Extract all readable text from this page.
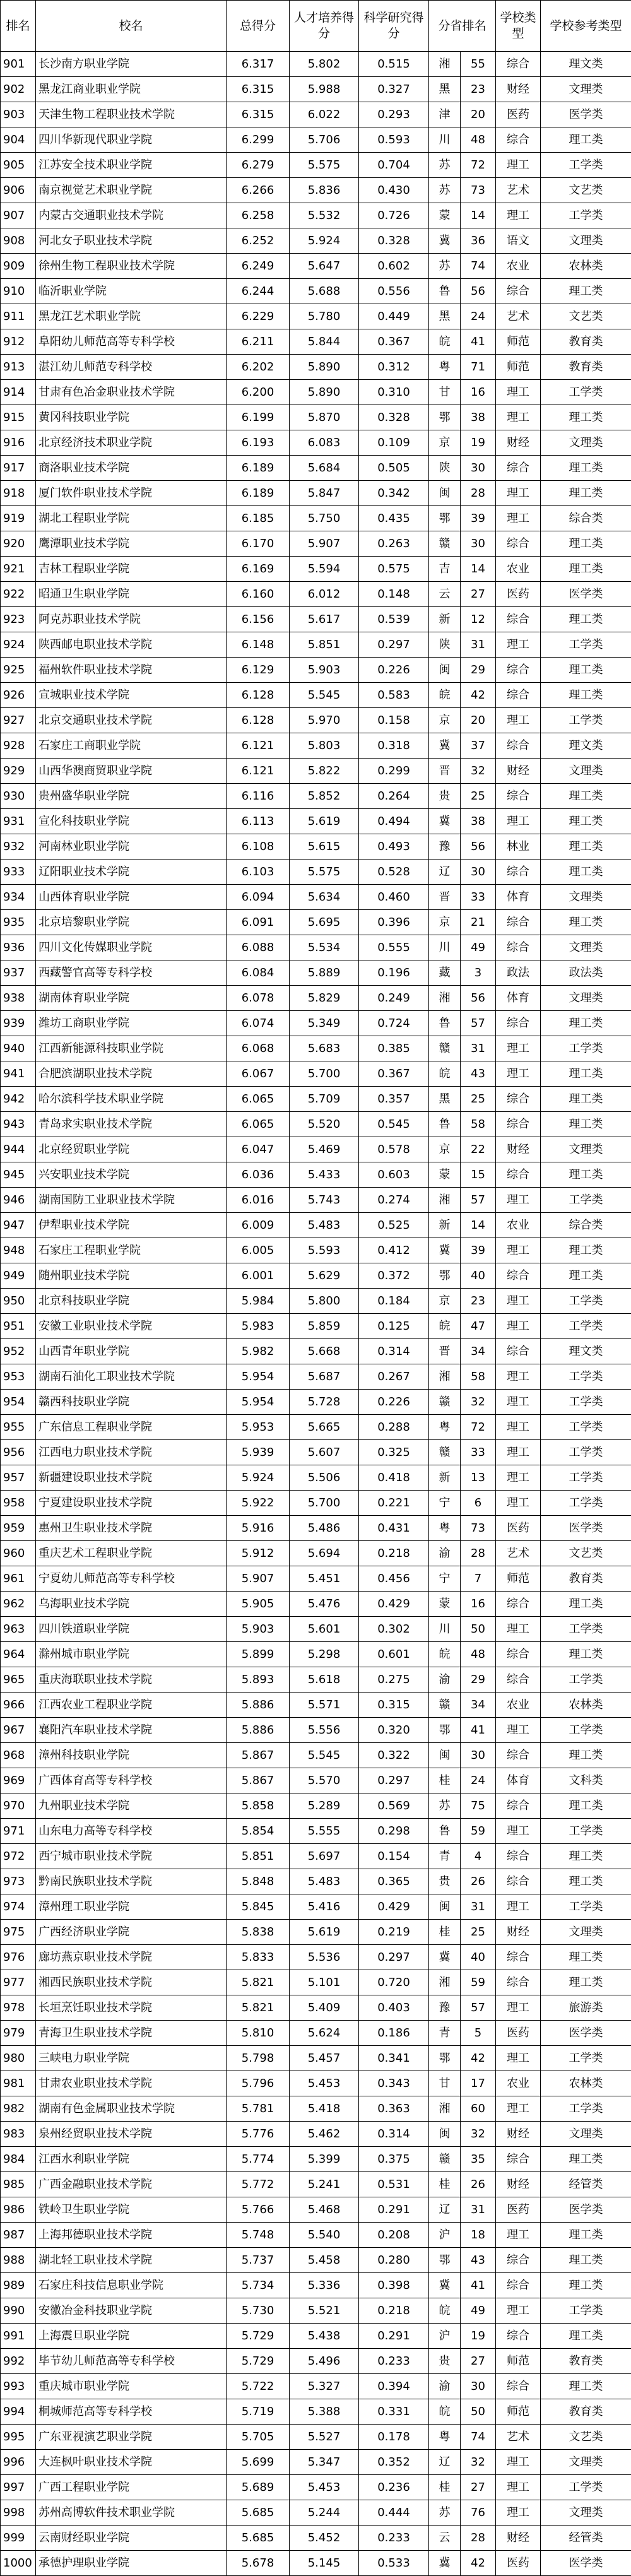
排名	校名	总得分	人才培养得分	科学研究得分	分省排名		学校类型	学校参考类型
901	长沙南方职业学院	6.317	5.802	0.515	湘	55	综合	理文类
902	黑龙江商业职业学院	6.315	5.988	0.327	黑	23	财经	文理类
903	天津生物工程职业技术学院	6.315	6.022	0.293	津	20	医药	医学类
904	四川华新现代职业学院	6.299	5.706	0.593	川	48	综合	理工类
905	江苏安全技术职业学院	6.279	5.575	0.704	苏	72	理工	工学类
906	南京视觉艺术职业学院	6.266	5.836	0.430	苏	73	艺术	文艺类
907	内蒙古交通职业技术学院	6.258	5.532	0.726	蒙	14	理工	工学类
908	河北女子职业技术学院	6.252	5.924	0.328	冀	36	语文	文理类
909	徐州生物工程职业技术学院	6.249	5.647	0.602	苏	74	农业	农林类
910	临沂职业学院	6.244	5.688	0.556	鲁	56	综合	理工类
911	黑龙江艺术职业学院	6.229	5.780	0.449	黑	24	艺术	文艺类
912	阜阳幼儿师范高等专科学校	6.211	5.844	0.367	皖	41	师范	教育类
913	湛江幼儿师范专科学校	6.202	5.890	0.312	粤	71	师范	教育类
914	甘肃有色冶金职业技术学院	6.200	5.890	0.310	甘	16	理工	工学类
915	黄冈科技职业学院	6.199	5.870	0.328	鄂	38	理工	理工类
916	北京经济技术职业学院	6.193	6.083	0.109	京	19	财经	文理类
917	商洛职业技术学院	6.189	5.684	0.505	陕	30	综合	理工类
918	厦门软件职业技术学院	6.189	5.847	0.342	闽	28	理工	理工类
919	湖北工程职业学院	6.185	5.750	0.435	鄂	39	理工	综合类
920	鹰潭职业技术学院	6.170	5.907	0.263	赣	30	综合	理工类
921	吉林工程职业学院	6.169	5.594	0.575	吉	14	农业	理工类
922	昭通卫生职业学院	6.160	6.012	0.148	云	27	医药	医学类
923	阿克苏职业技术学院	6.156	5.617	0.539	新	12	综合	理工类
924	陕西邮电职业技术学院	6.148	5.851	0.297	陕	31	理工	工学类
925	福州软件职业技术学院	6.129	5.903	0.226	闽	29	综合	理工类
926	宣城职业技术学院	6.128	5.545	0.583	皖	42	综合	理工类
927	北京交通职业技术学院	6.128	5.970	0.158	京	20	理工	工学类
928	石家庄工商职业学院	6.121	5.803	0.318	冀	37	综合	理文类
929	山西华澳商贸职业学院	6.121	5.822	0.299	晋	32	财经	文理类
930	贵州盛华职业学院	6.116	5.852	0.264	贵	25	综合	理工类
931	宣化科技职业学院	6.113	5.619	0.494	冀	38	理工	理工类
932	河南林业职业学院	6.108	5.615	0.493	豫	56	林业	理工类
933	辽阳职业技术学院	6.103	5.575	0.528	辽	30	综合	理工类
934	山西体育职业学院	6.094	5.634	0.460	晋	33	体育	文理类
935	北京培黎职业学院	6.091	5.695	0.396	京	21	综合	理工类
936	四川文化传媒职业学院	6.088	5.534	0.555	川	49	综合	文理类
937	西藏警官高等专科学校	6.084	5.889	0.196	藏	3	政法	政法类
938	湖南体育职业学院	6.078	5.829	0.249	湘	56	体育	文理类
939	潍坊工商职业学院	6.074	5.349	0.724	鲁	57	综合	理工类
940	江西新能源科技职业学院	6.068	5.683	0.385	赣	31	理工	工学类
941	合肥滨湖职业技术学院	6.067	5.700	0.367	皖	43	理工	理工类
942	哈尔滨科学技术职业学院	6.065	5.709	0.357	黑	25	综合	理工类
943	青岛求实职业技术学院	6.065	5.520	0.545	鲁	58	综合	理工类
944	北京经贸职业学院	6.047	5.469	0.578	京	22	财经	文理类
945	兴安职业技术学院	6.036	5.433	0.603	蒙	15	综合	理工类
946	湖南国防工业职业技术学院	6.016	5.743	0.274	湘	57	理工	工学类
947	伊犁职业技术学院	6.009	5.483	0.525	新	14	农业	综合类
948	石家庄工程职业学院	6.005	5.593	0.412	冀	39	理工	理工类
949	随州职业技术学院	6.001	5.629	0.372	鄂	40	综合	理工类
950	北京科技职业学院	5.984	5.800	0.184	京	23	理工	工学类
951	安徽工业职业技术学院	5.983	5.859	0.125	皖	47	理工	工学类
952	山西青年职业学院	5.982	5.668	0.314	晋	34	综合	理文类
953	湖南石油化工职业技术学院	5.954	5.687	0.267	湘	58	理工	工学类
954	赣西科技职业学院	5.954	5.728	0.226	赣	32	理工	工学类
955	广东信息工程职业学院	5.953	5.665	0.288	粤	72	理工	工学类
956	江西电力职业技术学院	5.939	5.607	0.325	赣	33	理工	工学类
957	新疆建设职业技术学院	5.924	5.506	0.418	新	13	理工	工学类
958	宁夏建设职业技术学院	5.922	5.700	0.221	宁	6	理工	工学类
959	惠州卫生职业技术学院	5.916	5.486	0.431	粤	73	医药	医学类
960	重庆艺术工程职业学院	5.912	5.694	0.218	渝	28	艺术	文艺类
961	宁夏幼儿师范高等专科学校	5.907	5.451	0.456	宁	7	师范	教育类
962	乌海职业技术学院	5.905	5.476	0.429	蒙	16	综合	理工类
963	四川铁道职业学院	5.903	5.601	0.302	川	50	理工	工学类
964	滁州城市职业学院	5.899	5.298	0.601	皖	48	综合	理工类
965	重庆海联职业技术学院	5.893	5.618	0.275	渝	29	综合	工学类
966	江西农业工程职业学院	5.886	5.571	0.315	赣	34	农业	农林类
967	襄阳汽车职业技术学院	5.886	5.556	0.320	鄂	41	理工	工学类
968	漳州科技职业学院	5.867	5.545	0.322	闽	30	综合	理工类
969	广西体育高等专科学校	5.867	5.570	0.297	桂	24	体育	文科类
970	九州职业技术学院	5.858	5.289	0.569	苏	75	综合	理工类
971	山东电力高等专科学校	5.854	5.555	0.298	鲁	59	理工	工学类
972	西宁城市职业技术学院	5.851	5.697	0.154	青	4	综合	理工类
973	黔南民族职业技术学院	5.848	5.483	0.365	贵	26	综合	理工类
974	漳州理工职业学院	5.845	5.416	0.429	闽	31	理工	工学类
975	广西经济职业学院	5.838	5.619	0.219	桂	25	财经	文理类
976	廊坊燕京职业技术学院	5.833	5.536	0.297	冀	40	综合	理工类
977	湘西民族职业技术学院	5.821	5.101	0.720	湘	59	综合	理工类
978	长垣烹饪职业技术学院	5.821	5.409	0.403	豫	57	理工	旅游类
979	青海卫生职业技术学院	5.810	5.624	0.186	青	5	医药	医学类
980	三峡电力职业学院	5.798	5.457	0.341	鄂	42	理工	工学类
981	甘肃农业职业技术学院	5.796	5.453	0.343	甘	17	农业	农林类
982	湖南有色金属职业技术学院	5.781	5.418	0.363	湘	60	理工	工学类
983	泉州经贸职业技术学院	5.776	5.462	0.314	闽	32	财经	文理类
984	江西水利职业学院	5.774	5.399	0.375	赣	35	综合	理工类
985	广西金融职业技术学院	5.772	5.241	0.531	桂	26	财经	经管类
986	铁岭卫生职业学院	5.766	5.468	0.291	辽	31	医药	医学类
987	上海邦德职业技术学院	5.748	5.540	0.208	沪	18	理工	理工类
988	湖北轻工职业技术学院	5.737	5.458	0.280	鄂	43	综合	理工类
989	石家庄科技信息职业学院	5.734	5.336	0.398	冀	41	综合	理工类
990	安徽冶金科技职业学院	5.730	5.521	0.218	皖	49	理工	工学类
991	上海震旦职业学院	5.729	5.438	0.291	沪	19	综合	理工类
992	毕节幼儿师范高等专科学校	5.729	5.496	0.233	贵	27	师范	教育类
993	重庆城市职业学院	5.722	5.327	0.394	渝	30	综合	理工类
994	桐城师范高等专科学校	5.719	5.388	0.331	皖	50	师范	教育类
995	广东亚视演艺职业学院	5.705	5.527	0.178	粤	74	艺术	文艺类
996	大连枫叶职业技术学院	5.699	5.347	0.352	辽	32	理工	文理类
997	广西工程职业学院	5.689	5.453	0.236	桂	27	理工	工学类
998	苏州高博软件技术职业学院	5.685	5.244	0.444	苏	76	理工	文理类
999	云南财经职业学院	5.685	5.452	0.233	云	28	财经	经管类
1000	承德护理职业学院	5.678	5.145	0.533	冀	42	医药	医学类
